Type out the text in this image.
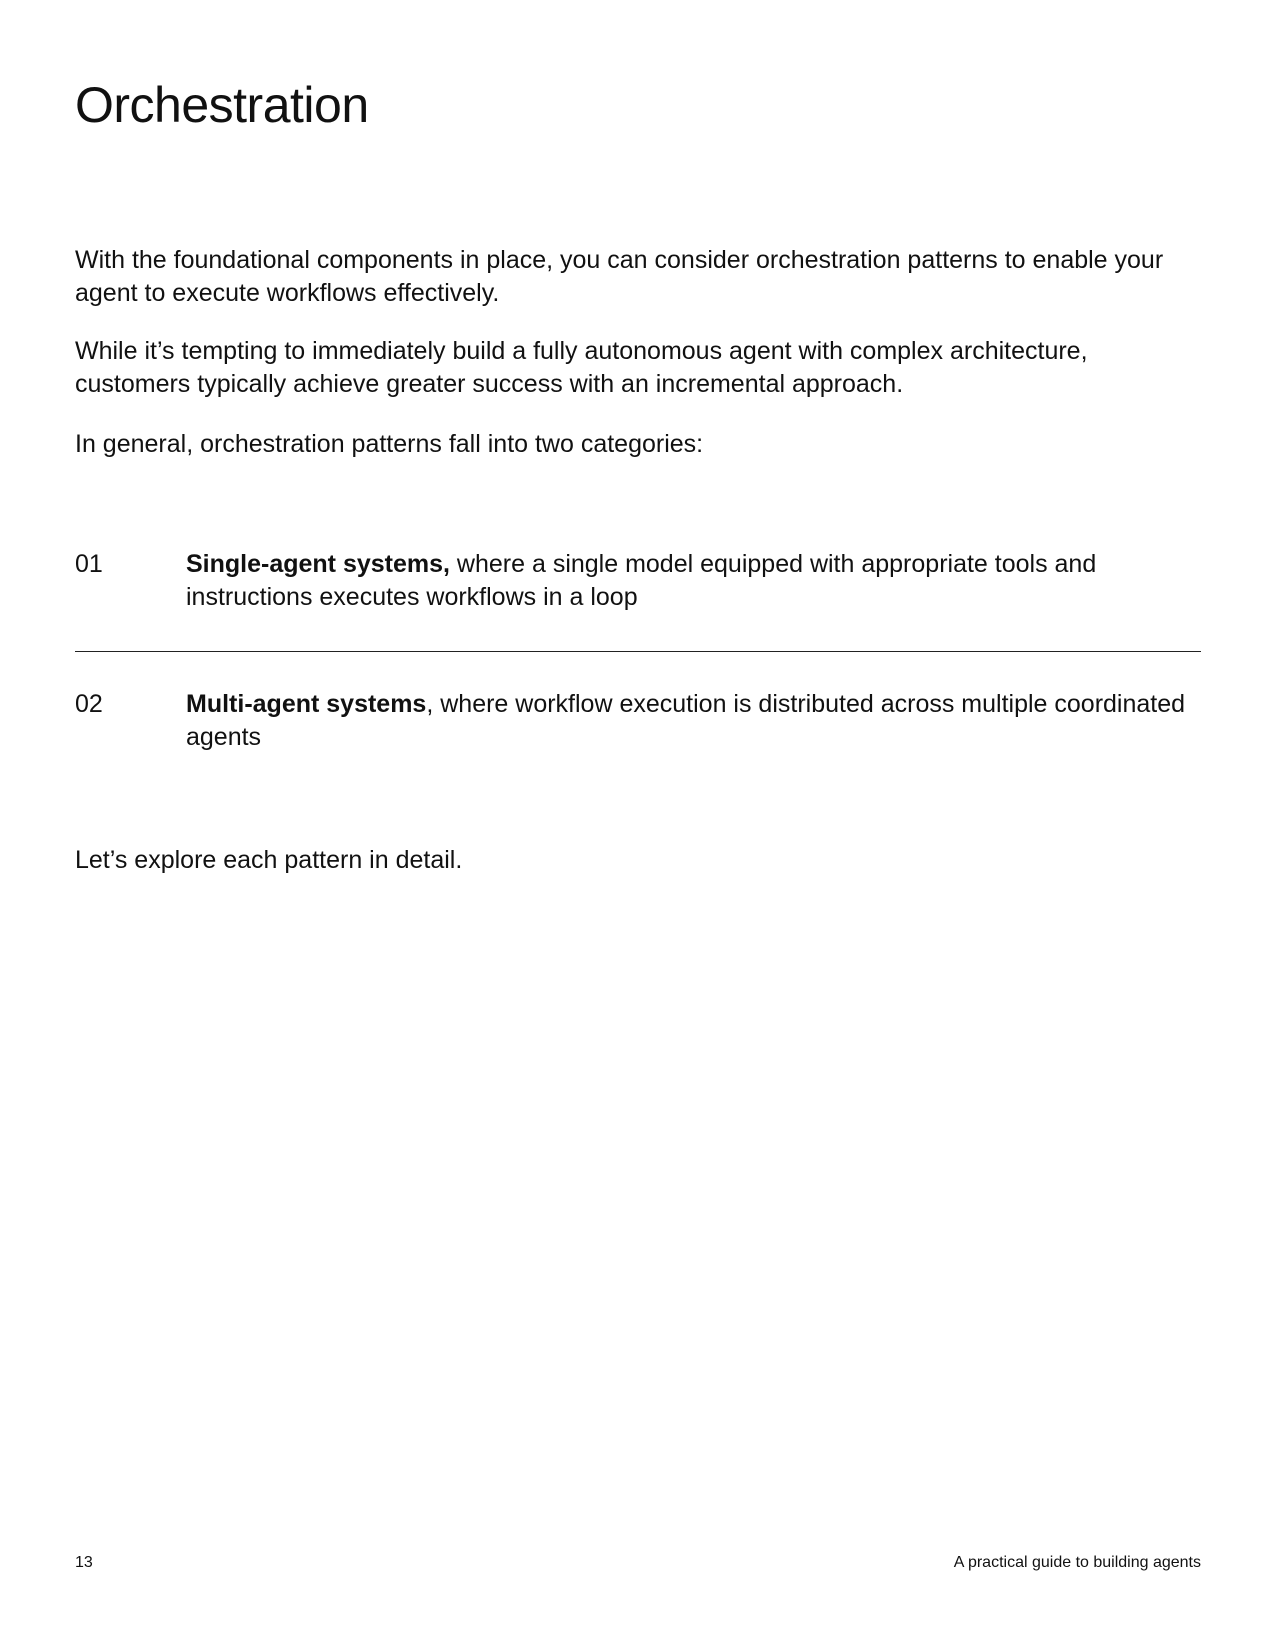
Orchestration

With the foundational components in place, you can consider orchestration patterns to enable your agent to execute workflows effectively.

While it’s tempting to immediately build a fully autonomous agent with complex architecture, customers typically achieve greater success with an incremental approach.

In general, orchestration patterns fall into two categories:

01	Single-agent systems, where a single model equipped with appropriate tools and instructions executes workflows in a loop
02	Multi-agent systems, where workflow execution is distributed across multiple coordinated agents

Let’s explore each pattern in detail.

13	A practical guide to building agents
